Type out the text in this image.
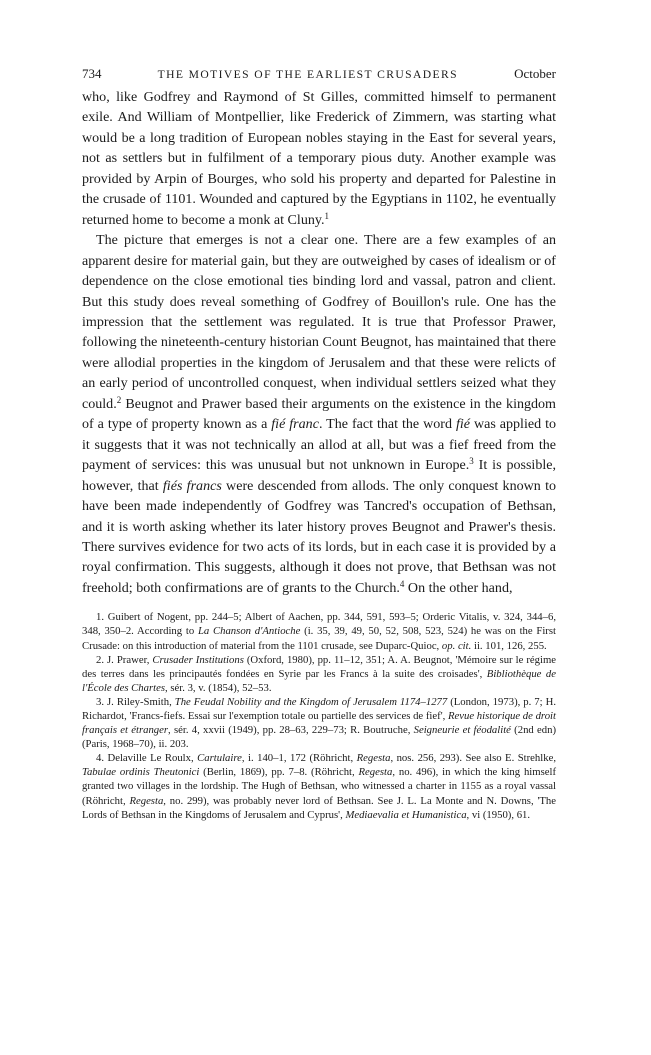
734	THE MOTIVES OF THE EARLIEST CRUSADERS	October

who, like Godfrey and Raymond of St Gilles, committed himself to permanent exile. And William of Montpellier, like Frederick of Zimmern, was starting what would be a long tradition of European nobles staying in the East for several years, not as settlers but in fulfilment of a temporary pious duty. Another example was provided by Arpin of Bourges, who sold his property and departed for Palestine in the crusade of 1101. Wounded and captured by the Egyptians in 1102, he eventually returned home to become a monk at Cluny.$^1$

The picture that emerges is not a clear one. There are a few examples of an apparent desire for material gain, but they are outweighed by cases of idealism or of dependence on the close emotional ties binding lord and vassal, patron and client. But this study does reveal something of Godfrey of Bouillon's rule. One has the impression that the settlement was regulated. It is true that Professor Prawer, following the nineteenth-century historian Count Beugnot, has maintained that there were allodial properties in the kingdom of Jerusalem and that these were relicts of an early period of uncontrolled conquest, when individual settlers seized what they could.$^2$ Beugnot and Prawer based their arguments on the existence in the kingdom of a type of property known as a fié franc. The fact that the word fié was applied to it suggests that it was not technically an allod at all, but was a fief freed from the payment of services: this was unusual but not unknown in Europe.$^3$ It is possible, however, that fiés francs were descended from allods. The only conquest known to have been made independently of Godfrey was Tancred's occupation of Bethsan, and it is worth asking whether its later history proves Beugnot and Prawer's thesis. There survives evidence for two acts of its lords, but in each case it is provided by a royal confirmation. This suggests, although it does not prove, that Bethsan was not freehold; both confirmations are of grants to the Church.$^4$ On the other hand,

1. Guibert of Nogent, pp. 244–5; Albert of Aachen, pp. 344, 591, 593–5; Orderic Vitalis, v. 324, 344–6, 348, 350–2. According to La Chanson d'Antioche (i. 35, 39, 49, 50, 52, 508, 523, 524) he was on the First Crusade: on this introduction of material from the 1101 crusade, see Duparc-Quioc, op. cit. ii. 101, 126, 255.

2. J. Prawer, Crusader Institutions (Oxford, 1980), pp. 11–12, 351; A. A. Beugnot, 'Mémoire sur le régime des terres dans les principautés fondées en Syrie par les Francs à la suite des croisades', Bibliothèque de l'École des Chartes, sér. 3, v. (1854), 52–53.

3. J. Riley-Smith, The Feudal Nobility and the Kingdom of Jerusalem 1174–1277 (London, 1973), p. 7; H. Richardot, 'Francs-fiefs. Essai sur l'exemption totale ou partielle des services de fief', Revue historique de droit français et étranger, sér. 4, xxvii (1949), pp. 28–63, 229–73; R. Boutruche, Seigneurie et féodalité (2nd edn) (Paris, 1968–70), ii. 203.

4. Delaville Le Roulx, Cartulaire, i. 140–1, 172 (Röhricht, Regesta, nos. 256, 293). See also E. Strehlke, Tabulae ordinis Theutonici (Berlin, 1869), pp. 7–8. (Röhricht, Regesta, no. 496), in which the king himself granted two villages in the lordship. The Hugh of Bethsan, who witnessed a charter in 1155 as a royal vassal (Röhricht, Regesta, no. 299), was probably never lord of Bethsan. See J. L. La Monte and N. Downs, 'The Lords of Bethsan in the Kingdoms of Jerusalem and Cyprus', Mediaevalia et Humanistica, vi (1950), 61.
